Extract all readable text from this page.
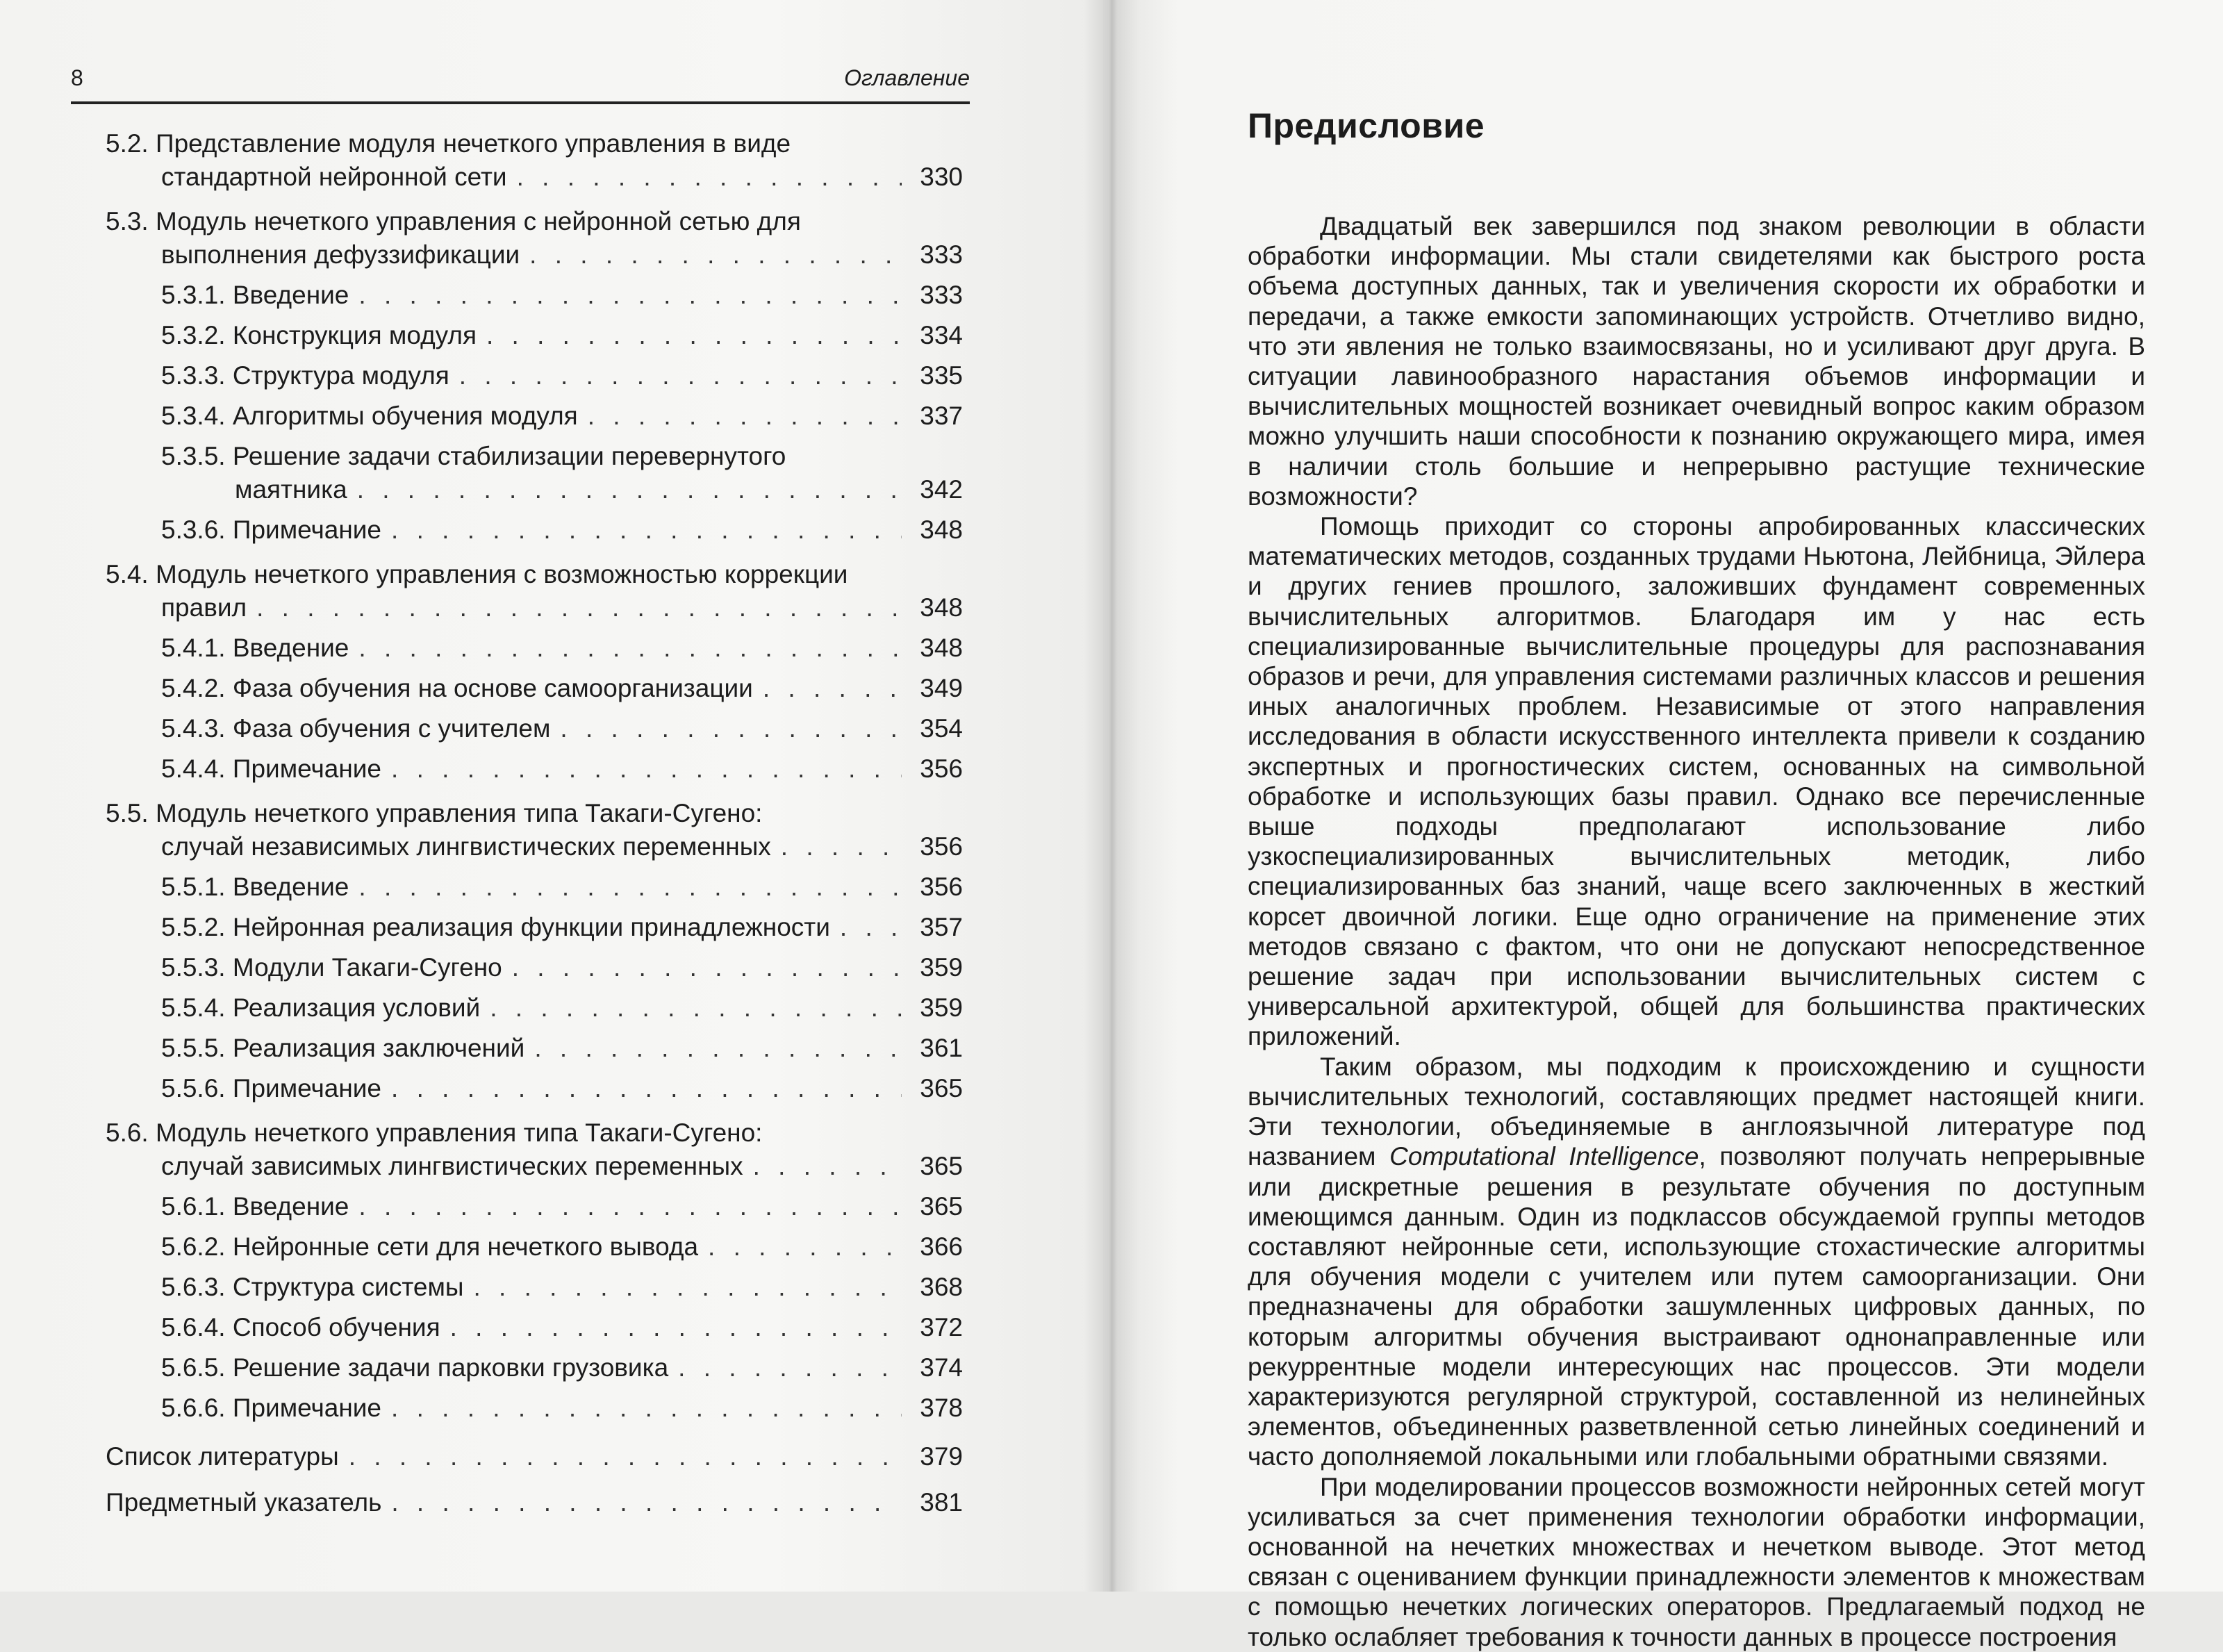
8	Оглавление
5.2. Представление модуля нечеткого управления в виде
стандартной нейронной сети . . .	330
5.3. Модуль нечеткого управления с нейронной сетью для
выполнения дефуззификации . . .	333
5.3.1. Введение . . .	333
5.3.2. Конструкция модуля . . .	334
5.3.3. Структура модуля . . .	335
5.3.4. Алгоритмы обучения модуля . . .	337
5.3.5. Решение задачи стабилизации перевернутого
маятника . . .	342
5.3.6. Примечание . . .	348
5.4. Модуль нечеткого управления с возможностью коррекции
правил . . .	348
5.4.1. Введение . . .	348
5.4.2. Фаза обучения на основе самоорганизации . . .	349
5.4.3. Фаза обучения с учителем . . .	354
5.4.4. Примечание . . .	356
5.5. Модуль нечеткого управления типа Такаги-Сугено:
случай независимых лингвистических переменных . . .	356
5.5.1. Введение . . .	356
5.5.2. Нейронная реализация функции принадлежности . . .	357
5.5.3. Модули Такаги-Сугено . . .	359
5.5.4. Реализация условий . . .	359
5.5.5. Реализация заключений . . .	361
5.5.6. Примечание . . .	365
5.6. Модуль нечеткого управления типа Такаги-Сугено:
случай зависимых лингвистических переменных . . .	365
5.6.1. Введение . . .	365
5.6.2. Нейронные сети для нечеткого вывода . . .	366
5.6.3. Структура системы . . .	368
5.6.4. Способ обучения . . .	372
5.6.5. Решение задачи парковки грузовика . . .	374
5.6.6. Примечание . . .	378
Список литературы . . .	379
Предметный указатель . . .	381
Предисловие

Двадцатый век завершился под знаком революции в области обработки информации. Мы стали свидетелями как быстрого роста объема доступных данных, так и увеличения скорости их обработки и передачи, а также емкости запоминающих устройств. Отчетливо видно, что эти явления не только взаимосвязаны, но и усиливают друг друга. В ситуации лавинообразного нарастания объемов информации и вычислительных мощностей возникает очевидный вопрос каким образом можно улучшить наши способности к познанию окружающего мира, имея в наличии столь большие и непрерывно растущие технические возможности?

Помощь приходит со стороны апробированных классических математических методов, созданных трудами Ньютона, Лейбница, Эйлера и других гениев прошлого, заложивших фундамент современных вычислительных алгоритмов. Благодаря им у нас есть специализированные вычислительные процедуры для распознавания образов и речи, для управления системами различных классов и решения иных аналогичных проблем. Независимые от этого направления исследования в области искусственного интеллекта привели к созданию экспертных и прогностических систем, основанных на символьной обработке и использующих базы правил. Однако все перечисленные выше подходы предполагают использование либо узкоспециализированных вычислительных методик, либо специализированных баз знаний, чаще всего заключенных в жесткий корсет двоичной логики. Еще одно ограничение на применение этих методов связано с фактом, что они не допускают непосредственное решение задач при использовании вычислительных систем с универсальной архитектурой, общей для большинства практических приложений.

Таким образом, мы подходим к происхождению и сущности вычислительных технологий, составляющих предмет настоящей книги. Эти технологии, объединяемые в англоязычной литературе под названием Computational Intelligence, позволяют получать непрерывные или дискретные решения в результате обучения по доступным имеющимся данным. Один из подклассов обсуждаемой группы методов составляют нейронные сети, использующие стохастические алгоритмы для обучения модели с учителем или путем самоорганизации. Они предназначены для обработки зашумленных цифровых данных, по которым алгоритмы обучения выстраивают однонаправленные или рекуррентные модели интересующих нас процессов. Эти модели характеризуются регулярной структурой, составленной из нелинейных элементов, объединенных разветвленной сетью линейных соединений и часто дополняемой локальными или глобальными обратными связями.

При моделировании процессов возможности нейронных сетей могут усиливаться за счет применения технологии обработки информации, основанной на нечетких множествах и нечетком выводе. Этот метод связан с оцениванием функции принадлежности элементов к множествам с помощью нечетких логических операторов. Предлагаемый подход не только ослабляет требования к точности данных в процессе построения
